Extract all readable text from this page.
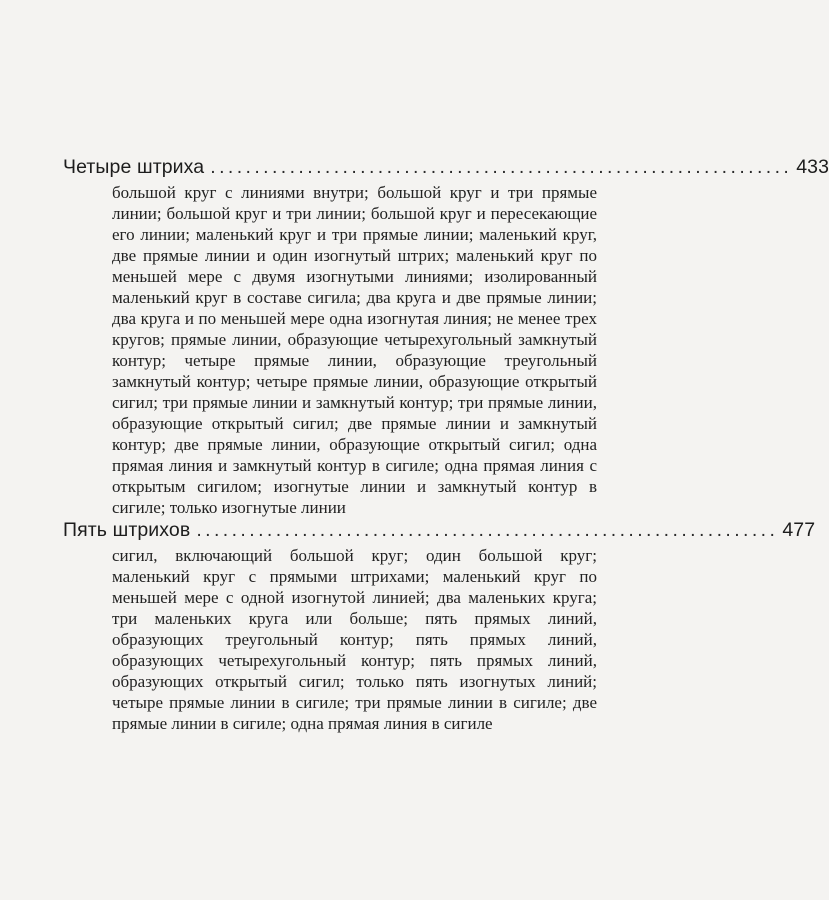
Четыре штриха .................................................................. 433
большой круг с линиями внутри; большой круг и три прямые линии; большой круг и три линии; большой круг и пересекающие его линии; маленький круг и три прямые линии; маленький круг, две прямые линии и один изогнутый штрих; маленький круг по меньшей мере с двумя изогнутыми линиями; изолированный маленький круг в составе сигила; два круга и две прямые линии; два круга и по меньшей мере одна изогнутая линия; не менее трех кругов; прямые линии, образующие четырехугольный замкнутый контур; четыре прямые линии, образующие треугольный замкнутый контур; четыре прямые линии, образующие открытый сигил; три прямые линии и замкнутый контур; три прямые линии, образующие открытый сигил; две прямые линии и замкнутый контур; две прямые линии, образующие открытый сигил; одна прямая линия и замкнутый контур в сигиле; одна прямая линия с открытым сигилом; изогнутые линии и замкнутый контур в сигиле; только изогнутые линии
Пять штрихов .................................................................. 477
сигил, включающий большой круг; один большой круг; маленький круг с прямыми штрихами; маленький круг по меньшей мере с одной изогнутой линией; два маленьких круга; три маленьких круга или больше; пять прямых линий, образующих треугольный контур; пять прямых линий, образующих четырехугольный контур; пять прямых линий, образующих открытый сигил; только пять изогнутых линий; четыре прямые линии в сигиле; три прямые линии в сигиле; две прямые линии в сигиле; одна прямая линия в сигиле
